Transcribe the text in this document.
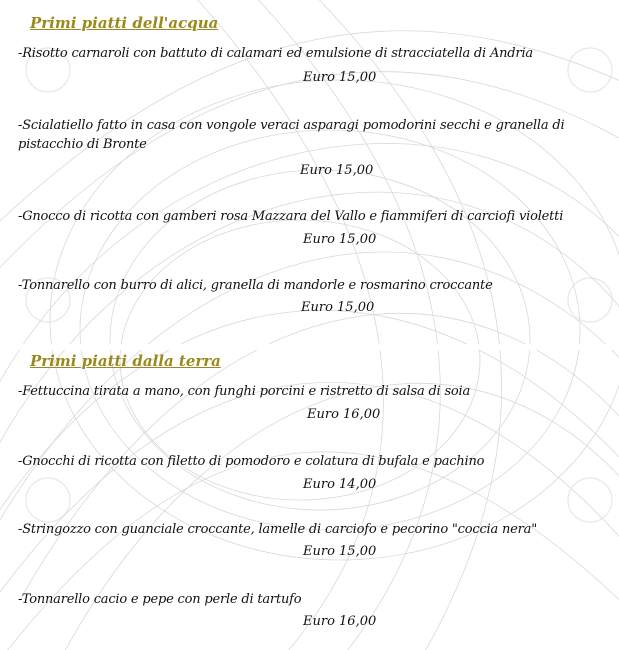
Primi piatti dell'acqua
-Risotto carnaroli con battuto di calamari ed emulsione di stracciatella di Andria
Euro 15,00
-Scialatiello fatto in casa con vongole veraci asparagi pomodorini secchi e granella di pistacchio di Bronte
Euro 15,00
-Gnocco di ricotta con gamberi rosa Mazzara del Vallo e fiammiferi di carciofi violetti
Euro 15,00
-Tonnarello con burro di alici, granella di mandorle e rosmarino croccante
Euro 15,00
Primi piatti dalla terra
-Fettuccina tirata a mano, con funghi porcini e ristretto di salsa di soia
Euro 16,00
-Gnocchi di ricotta con filetto di pomodoro e colatura di bufala e pachino
Euro 14,00
-Stringozzo con guanciale croccante, lamelle di carciofo e pecorino "coccia nera"
Euro 15,00
-Tonnarello cacio e pepe con perle di tartufo
Euro 16,00
